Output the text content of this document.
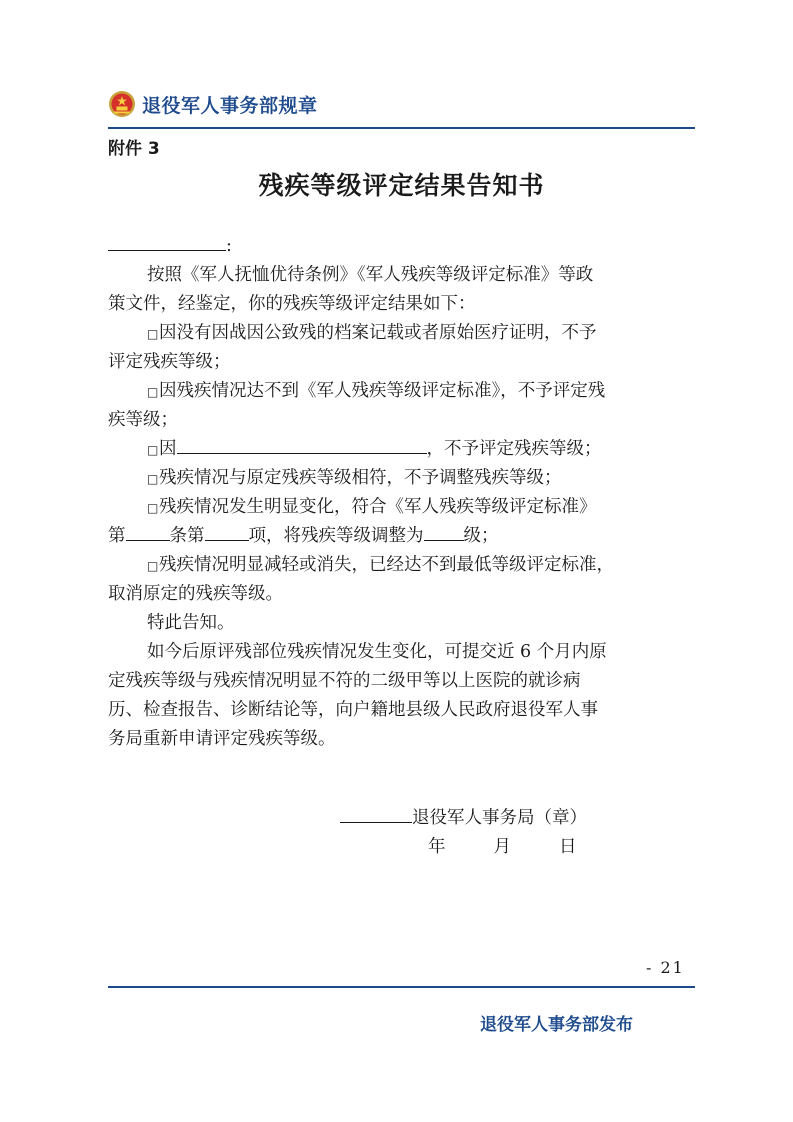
退役军人事务部规章
附件 3
残疾等级评定结果告知书
:
按照《军人抚恤优待条例》《军人残疾等级评定标准》等政
策文件，经鉴定，你的残疾等级评定结果如下：
□因没有因战因公致残的档案记载或者原始医疗证明，不予
评定残疾等级；
□因残疾情况达不到《军人残疾等级评定标准》，不予评定残
疾等级；
□因	，不予评定残疾等级；
□残疾情况与原定残疾等级相符，不予调整残疾等级；
□残疾情况发生明显变化，符合《军人残疾等级评定标准》
第	条第	项，将残疾等级调整为 级；
□残疾情况明显减轻或消失，已经达不到最低等级评定标准，
取消原定的残疾等级。
特此告知。
如今后原评残部位残疾情况发生变化，可提交近 6 个月内原
定残疾等级与残疾情况明显不符的二级甲等以上医院的就诊病
历、检查报告、诊断结论等，向户籍地县级人民政府退役军人事
务局重新申请评定残疾等级。
退役军人事务局（章）
年	月	日
- 21
退役军人事务部发布
